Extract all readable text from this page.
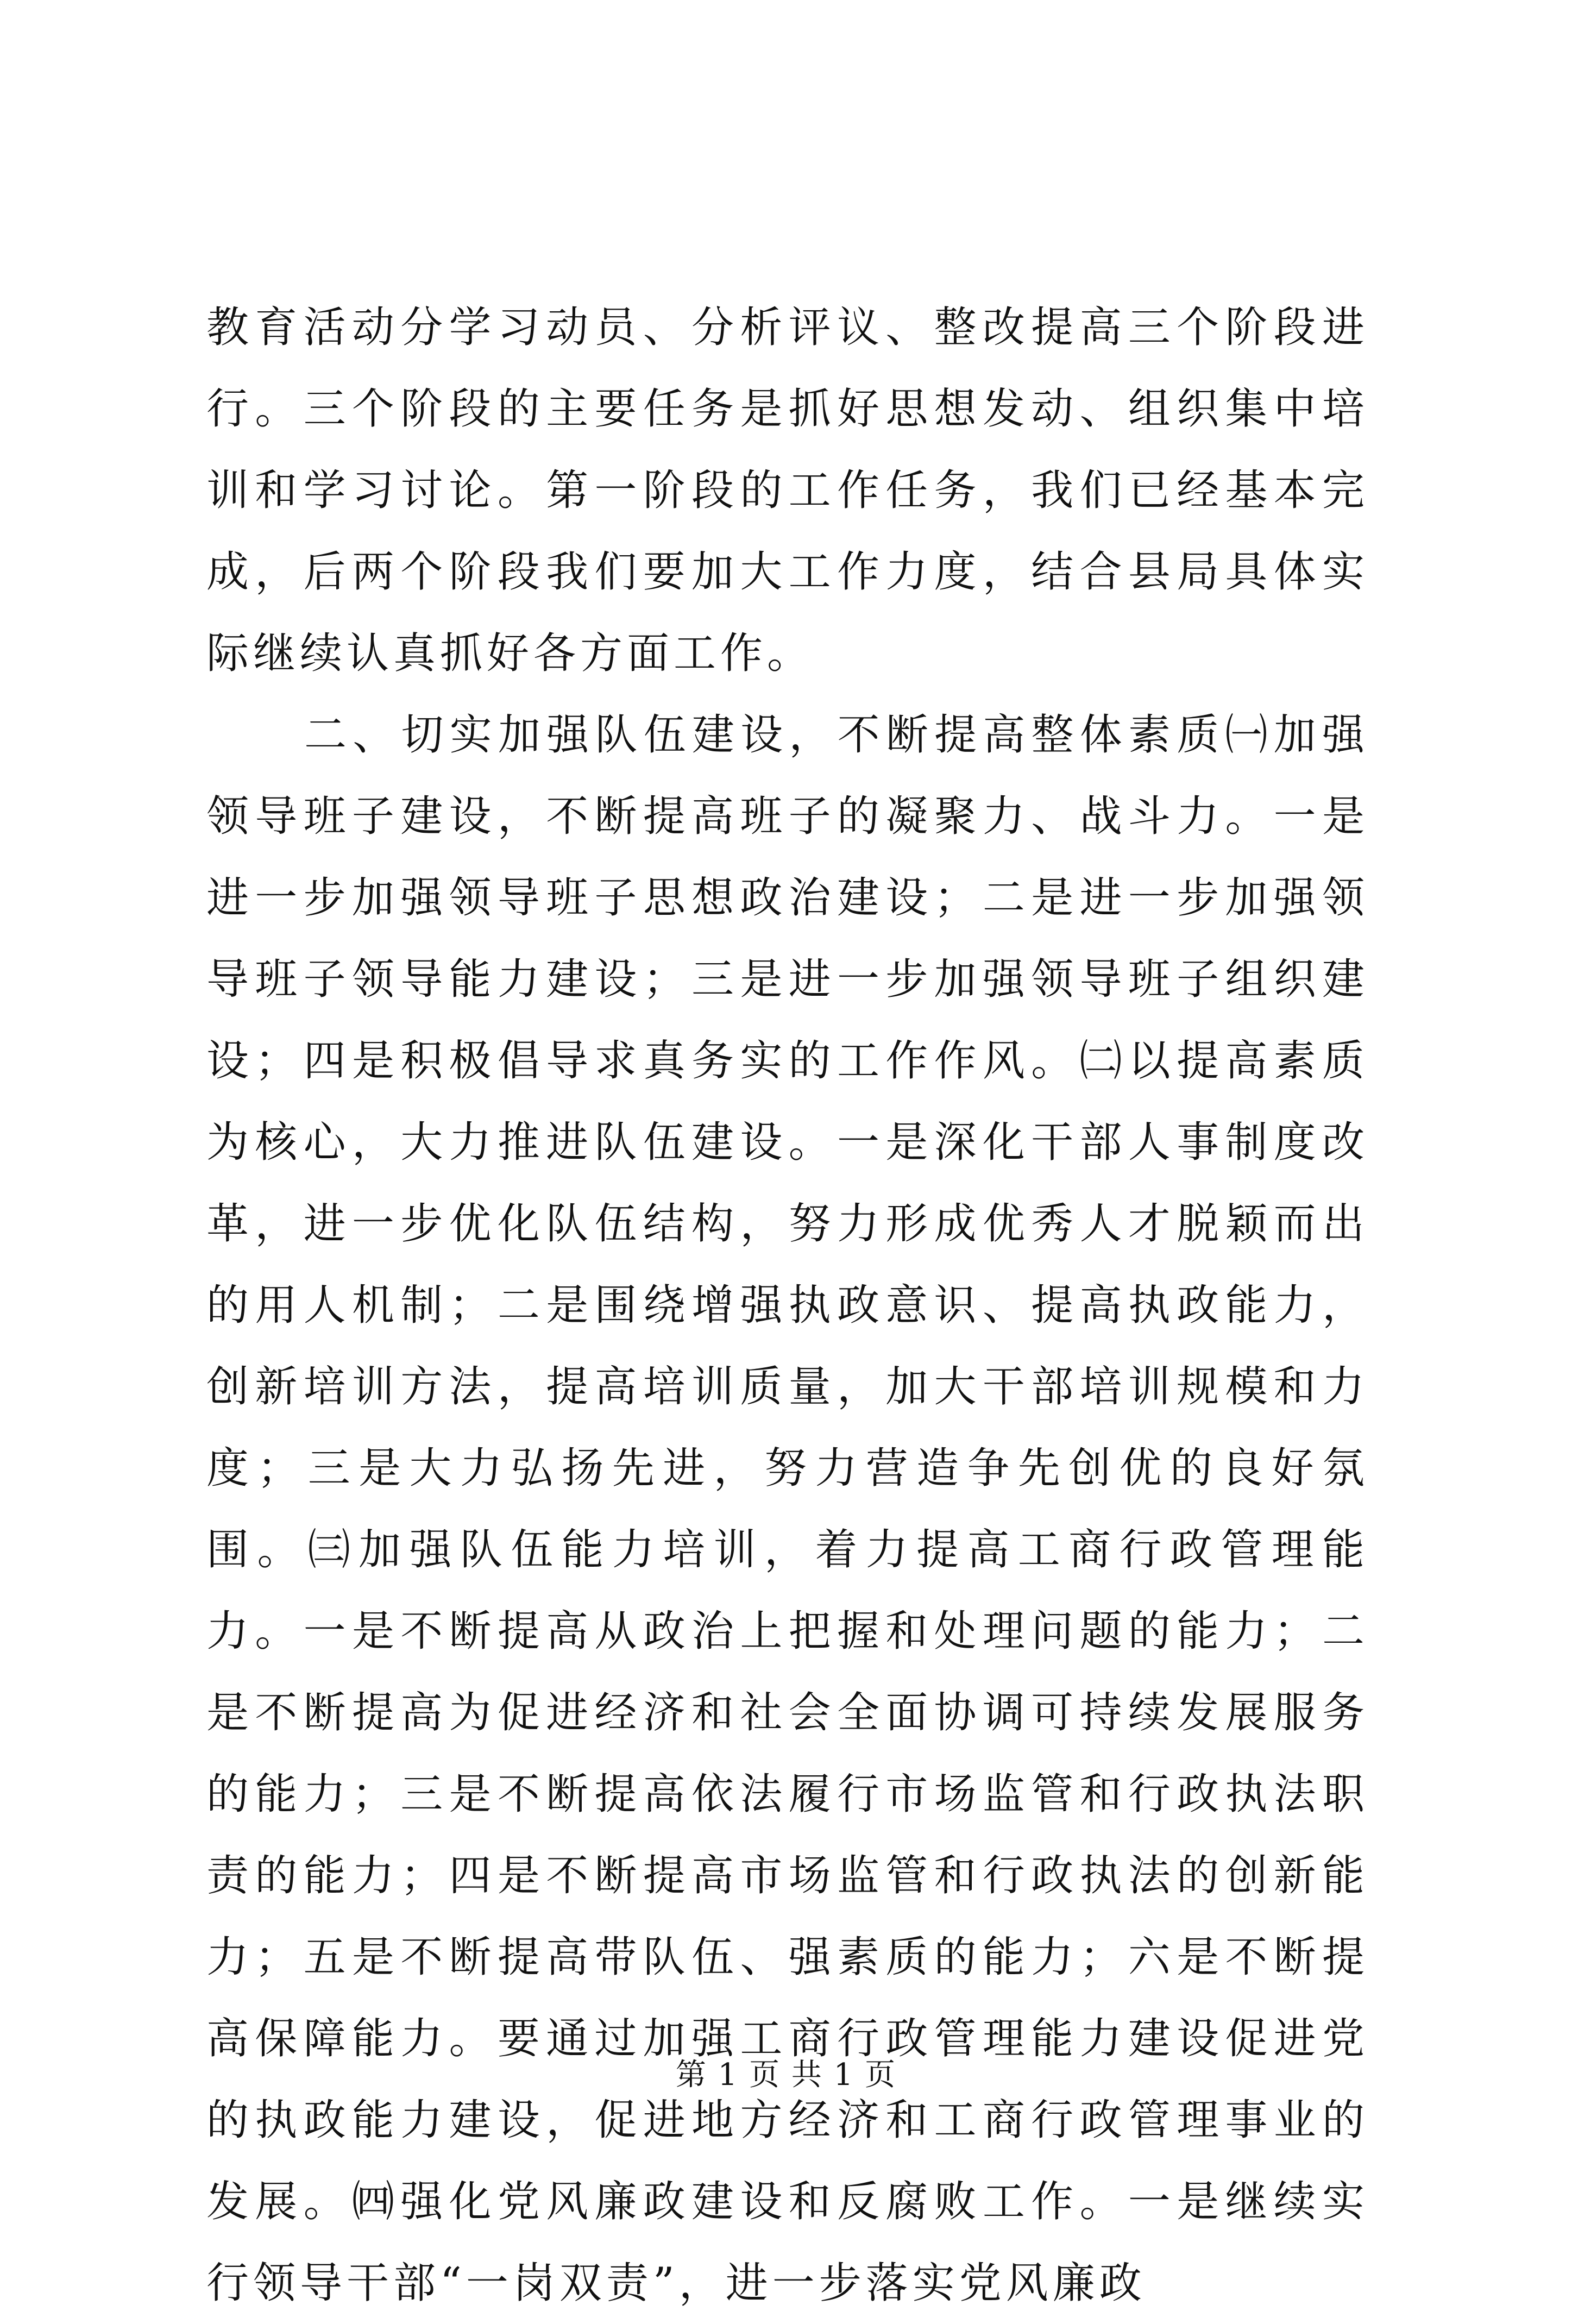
教育活动分学习动员、分析评议、整改提高三个阶段进行。三个阶段的主要任务是抓好思想发动、组织集中培训和学习讨论。第一阶段的工作任务，我们已经基本完成，后两个阶段我们要加大工作力度，结合县局具体实际继续认真抓好各方面工作。

二、切实加强队伍建设，不断提高整体素质㈠加强领导班子建设，不断提高班子的凝聚力、战斗力。一是进一步加强领导班子思想政治建设；二是进一步加强领导班子领导能力建设；三是进一步加强领导班子组织建设；四是积极倡导求真务实的工作作风。㈡以提高素质为核心，大力推进队伍建设。一是深化干部人事制度改革，进一步优化队伍结构，努力形成优秀人才脱颖而出的用人机制；二是围绕增强执政意识、提高执政能力，创新培训方法，提高培训质量，加大干部培训规模和力度；三是大力弘扬先进，努力营造争先创优的良好氛围。㈢加强队伍能力培训，着力提高工商行政管理能力。一是不断提高从政治上把握和处理问题的能力；二是不断提高为促进经济和社会全面协调可持续发展服务的能力；三是不断提高依法履行市场监管和行政执法职责的能力；四是不断提高市场监管和行政执法的创新能力；五是不断提高带队伍、强素质的能力；六是不断提高保障能力。要通过加强工商行政管理能力建设促进党的执政能力建设，促进地方经济和工商行政管理事业的发展。㈣强化党风廉政建设和反腐败工作。一是继续实行领导干部“一岗双责”，进一步落实党风廉政

第 1 页 共 1 页
